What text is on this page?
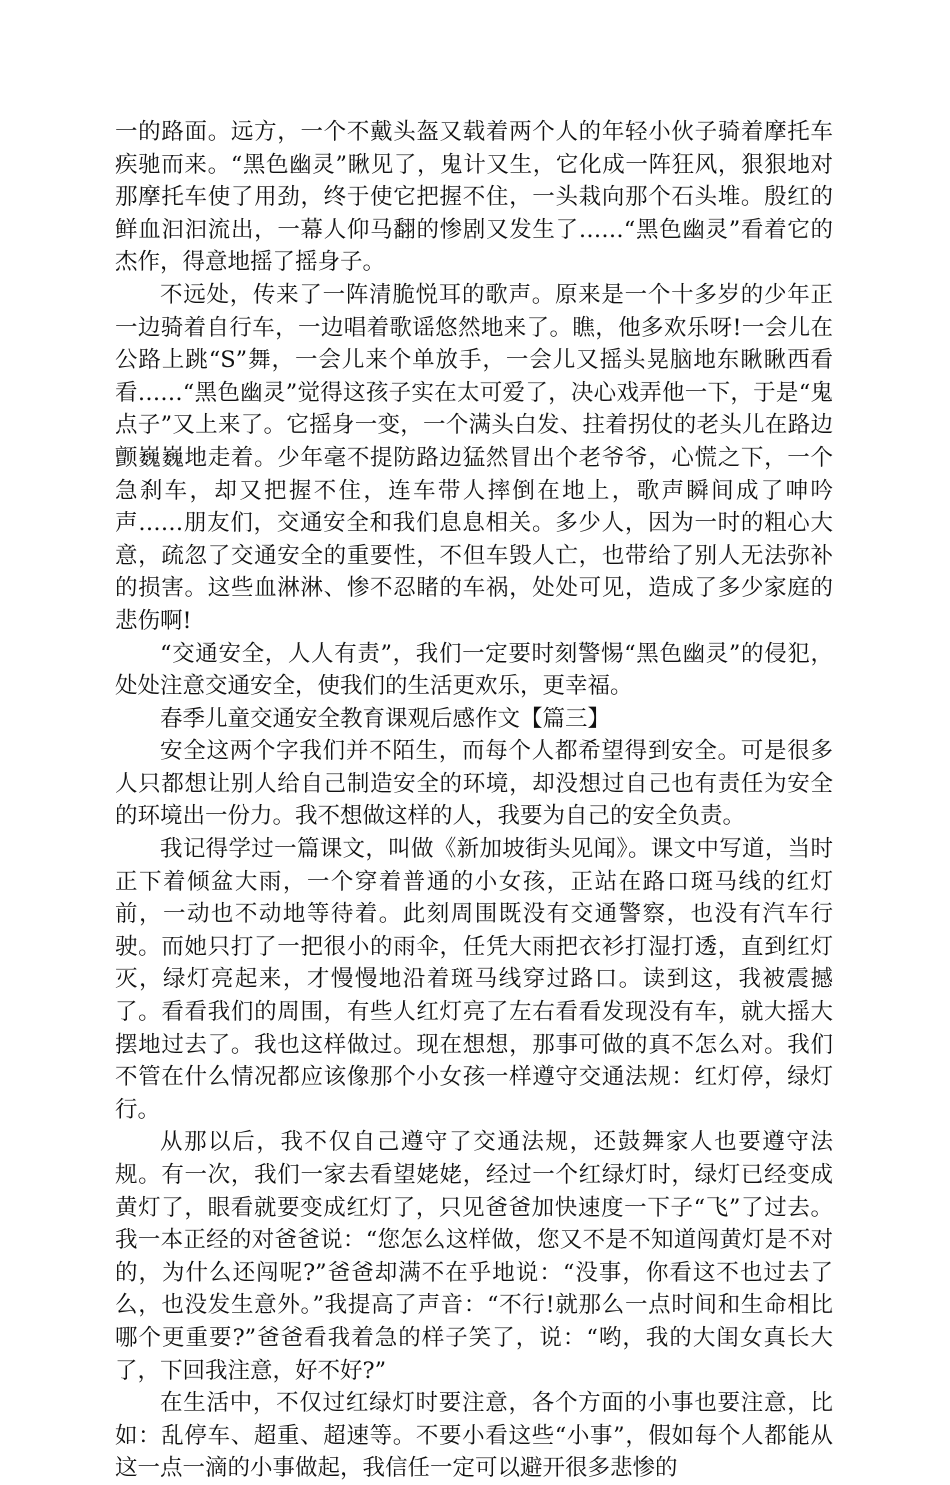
一的路面。远方，一个不戴头盔又载着两个人的年轻小伙子骑着摩托车疾驰而来。“黑色幽灵”瞅见了，鬼计又生，它化成一阵狂风，狠狠地对那摩托车使了用劲，终于使它把握不住，一头栽向那个石头堆。殷红的鲜血汩汩流出，一幕人仰马翻的惨剧又发生了……“黑色幽灵”看着它的杰作，得意地摇了摇身子。

不远处，传来了一阵清脆悦耳的歌声。原来是一个十多岁的少年正一边骑着自行车，一边唱着歌谣悠然地来了。瞧，他多欢乐呀!一会儿在公路上跳“S”舞，一会儿来个单放手，一会儿又摇头晃脑地东瞅瞅西看看……“黑色幽灵”觉得这孩子实在太可爱了，决心戏弄他一下，于是“鬼点子”又上来了。它摇身一变，一个满头白发、拄着拐仗的老头儿在路边颤巍巍地走着。少年毫不提防路边猛然冒出个老爷爷，心慌之下，一个急刹车，却又把握不住，连车带人摔倒在地上，歌声瞬间成了呻吟声……朋友们，交通安全和我们息息相关。多少人，因为一时的粗心大意，疏忽了交通安全的重要性，不但车毁人亡，也带给了别人无法弥补的损害。这些血淋淋、惨不忍睹的车祸，处处可见，造成了多少家庭的悲伤啊!

“交通安全，人人有责”，我们一定要时刻警惕“黑色幽灵”的侵犯，处处注意交通安全，使我们的生活更欢乐，更幸福。

春季儿童交通安全教育课观后感作文【篇三】

安全这两个字我们并不陌生，而每个人都希望得到安全。可是很多人只都想让别人给自己制造安全的环境，却没想过自己也有责任为安全的环境出一份力。我不想做这样的人，我要为自己的安全负责。

我记得学过一篇课文，叫做《新加坡街头见闻》。课文中写道，当时正下着倾盆大雨，一个穿着普通的小女孩，正站在路口斑马线的红灯前，一动也不动地等待着。此刻周围既没有交通警察，也没有汽车行驶。而她只打了一把很小的雨伞，任凭大雨把衣衫打湿打透，直到红灯灭，绿灯亮起来，才慢慢地沿着斑马线穿过路口。读到这，我被震撼了。看看我们的周围，有些人红灯亮了左右看看发现没有车，就大摇大摆地过去了。我也这样做过。现在想想，那事可做的真不怎么对。我们不管在什么情况都应该像那个小女孩一样遵守交通法规：红灯停，绿灯行。

从那以后，我不仅自己遵守了交通法规，还鼓舞家人也要遵守法规。有一次，我们一家去看望姥姥，经过一个红绿灯时，绿灯已经变成黄灯了，眼看就要变成红灯了，只见爸爸加快速度一下子“飞”了过去。我一本正经的对爸爸说：“您怎么这样做，您又不是不知道闯黄灯是不对的，为什么还闯呢?”爸爸却满不在乎地说：“没事，你看这不也过去了么，也没发生意外。”我提高了声音：“不行!就那么一点时间和生命相比哪个更重要?”爸爸看我着急的样子笑了，说：“哟，我的大闺女真长大了，下回我注意，好不好?”

在生活中，不仅过红绿灯时要注意，各个方面的小事也要注意，比如：乱停车、超重、超速等。不要小看这些“小事”，假如每个人都能从这一点一滴的小事做起，我信任一定可以避开很多悲惨的
